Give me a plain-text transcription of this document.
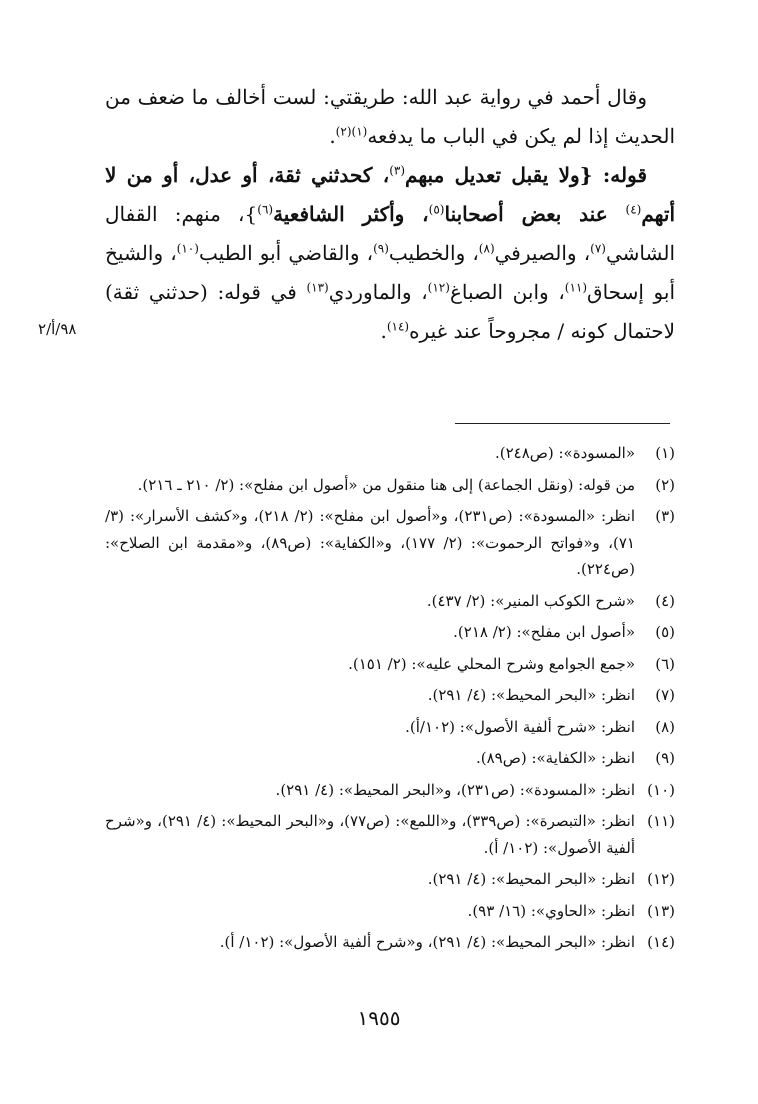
وقال أحمد في رواية عبد الله: طريقتي: لست أخالف ما ضعف من الحديث إذا لم يكن في الباب ما يدفعه$^{(١)(٢)}$.

قوله: {ولا يقبل تعديل مبهم$^{(٣)}$، كحدثني ثقة، أو عدل، أو من لا أتهم$^{(٤)}$ عند بعض أصحابنا$^{(٥)}$، وأكثر الشافعية$^{(٦)}$}، منهم: القفال الشاشي$^{(٧)}$، والصيرفي$^{(٨)}$، والخطيب$^{(٩)}$، والقاضي أبو الطيب$^{(١٠)}$، والشيخ أبو إسحاق$^{(١١)}$، وابن الصباغ$^{(١٢)}$، والماوردي$^{(١٣)}$ في قوله: (حدثني ثقة) لاحتمال كونه / مجروحاً عند غيره$^{(١٤)}$.

٩٨/أ/٢
(١)
«المسودة»: (ص٢٤٨).
(٢)
من قوله: (ونقل الجماعة) إلى هنا منقول من «أصول ابن مفلح»: (٢/ ٢١٠ ـ ٢١٦).
(٣)
انظر: «المسودة»: (ص٢٣١)، و«أصول ابن مفلح»: (٢/ ٢١٨)، و«كشف الأسرار»: (٣/ ٧١)، و«فواتح الرحموت»: (٢/ ١٧٧)، و«الكفاية»: (ص٨٩)، و«مقدمة ابن الصلاح»: (ص٢٢٤).
(٤)
«شرح الكوكب المنير»: (٢/ ٤٣٧).
(٥)
«أصول ابن مفلح»: (٢/ ٢١٨).
(٦)
«جمع الجوامع وشرح المحلي عليه»: (٢/ ١٥١).
(٧)
انظر: «البحر المحيط»: (٤/ ٢٩١).
(٨)
انظر: «شرح ألفية الأصول»: (١٠٢/أ).
(٩)
انظر: «الكفاية»: (ص٨٩).
(١٠)
انظر: «المسودة»: (ص٢٣١)، و«البحر المحيط»: (٤/ ٢٩١).
(١١)
انظر: «التبصرة»: (ص٣٣٩)، و«اللمع»: (ص٧٧)، و«البحر المحيط»: (٤/ ٢٩١)، و«شرح ألفية الأصول»: (١٠٢/ أ).
(١٢)
انظر: «البحر المحيط»: (٤/ ٢٩١).
(١٣)
انظر: «الحاوي»: (١٦/ ٩٣).
(١٤)
انظر: «البحر المحيط»: (٤/ ٢٩١)، و«شرح ألفية الأصول»: (١٠٢/ أ).
١٩٥٥
